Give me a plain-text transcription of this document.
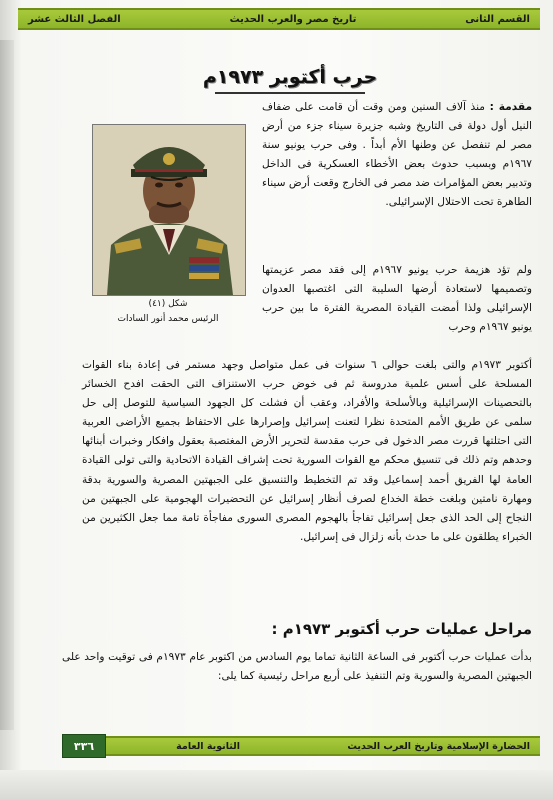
القسم الثانى
تاريخ مصر والعرب الحديث
الفصل الثالث عشر
حرب أكتوبر ١٩٧٣م
مقدمة : منذ آلاف السنين ومن وقت أن قامت على ضفاف النيل أول دولة فى التاريخ وشبه جزيرة سيناء جزء من أرض مصر لم تنفصل عن وطنها الأم أبداً . وفى حرب يونيو سنة ١٩٦٧م وبسبب حدوث بعض الأخطاء العسكرية فى الداخل وتدبير بعض المؤامرات ضد مصر فى الخارج وقعت أرض سيناء الطاهرة تحت الاحتلال الإسرائيلى.
ولم تؤد هزيمة حرب يونيو ١٩٦٧م إلى فقد مصر عزيمتها وتصميمها لاستعادة أرضها السليبة التى اغتصبها العدوان الإسرائيلى ولذا أمضت القيادة المصرية الفترة ما بين حرب يونيو ١٩٦٧م وحرب
شكل (٤١)
الرئيس محمد أنور السادات
أكتوبر ١٩٧٣م والتى بلغت حوالى ٦ سنوات فى عمل متواصل وجهد مستمر فى إعادة بناء القوات المسلحة على أسس علمية مدروسة ثم فى خوض حرب الاستنزاف التى الحقت افدح الخسائر بالتحصينات الإسرائيلية وبالأسلحة والأفراد، وعقب أن فشلت كل الجهود السياسية للتوصل إلى حل سلمى عن طريق الأمم المتحدة نظرا لتعنت إسرائيل وإصرارها على الاحتفاظ بجميع الأراضى العربية التى احتلتها قررت مصر الدخول فى حرب مقدسة لتحرير الأرض المغتصبة بعقول وافكار وخبرات أبنائها وحدهم وتم ذلك فى تنسيق محكم مع القوات السورية تحت إشراف القيادة الاتحادية والتى تولى القيادة العامة لها الفريق أحمد إسماعيل وقد تم التخطيط والتنسيق على الجبهتين المصرية والسورية بدقة ومهارة نامتين وبلغت خطة الخداع لصرف أنظار إسرائيل عن التحضيرات الهجومية على الجبهتين من النجاح إلى الحد الذى جعل إسرائيل تفاجأ بالهجوم المصرى السورى مفاجأة تامة مما جعل الكثيرين من الخبراء يطلقون على ما حدث بأنه زلزال فى إسرائيل.
مراحل عمليات حرب أكتوبر ١٩٧٣م :
بدأت عمليات حرب أكتوبر فى الساعة الثانية تماما يوم السادس من اكتوبر عام ١٩٧٣م فى توقيت واحد على الجبهتين المصرية والسورية وتم التنفيذ على أربع مراحل رئيسية كما يلى:
الحضارة الإسلامية وتاريخ العرب الحديث
الثانوية العامة
٣٣٦
